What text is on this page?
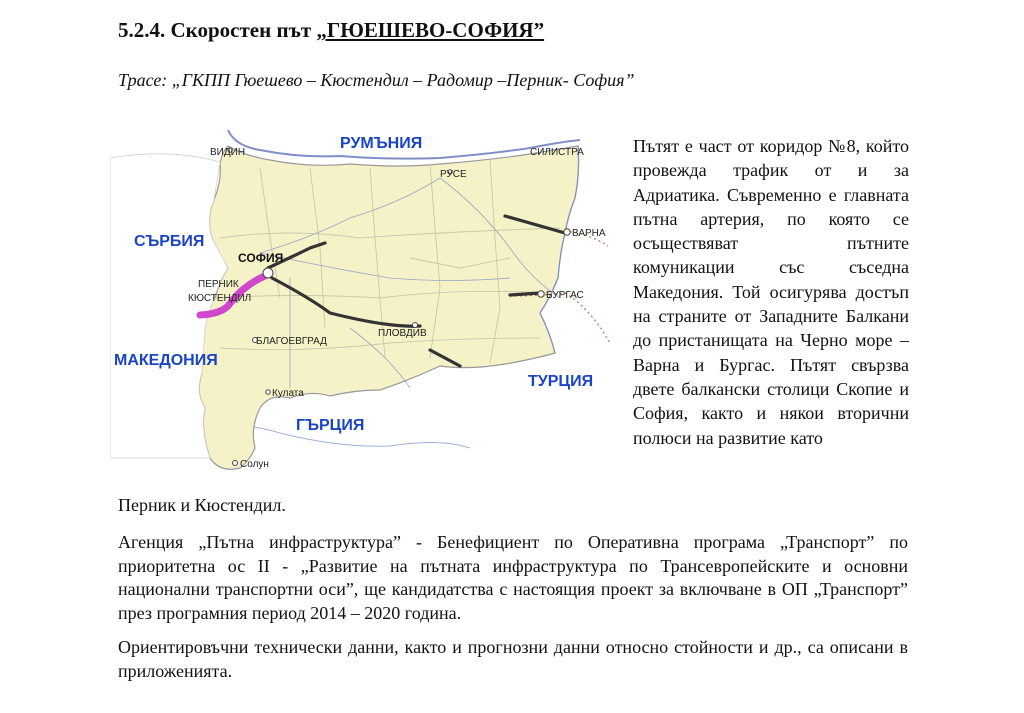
5.2.4. Скоростен път „ГЮЕШЕВО-СОФИЯ”
Трасе: „ГКПП Гюешево – Кюстендил – Радомир –Перник- София”
РУМЪНИЯ
СЪРБИЯ
МАКЕДОНИЯ
ТУРЦИЯ
ГЪРЦИЯ
ВИДИН	СИЛИСТРА
РУСЕ
ВАРНА
БУРГАС
СОФИЯ
ПЕРНИК
КЮСТЕНДИЛ
ПЛОВДИВ
БЛАГОЕВГРАД
Кулата
Солун
Пътят е част от коридор №8, който провежда трафик от и за Адриатика. Съвременно е главната пътна артерия, по която се осъществяват пътните комуникации със съседна Македония. Той осигурява достъп на страните от Западните Балкани до пристанищата на Черно море – Варна и Бургас. Пътят свързва двете балкански столици Скопие и София, както и някои вторични полюси на развитие като
Перник и Кюстендил.
Агенция „Пътна инфраструктура” - Бенефициент по Оперативна програма „Транспорт” по приоритетна ос II - „Развитие на пътната инфраструктура по Трансевропейските и основни национални транспортни оси”, ще кандидатства с настоящия проект за включване в ОП „Транспорт” през програмния период 2014 – 2020 година.
Ориентировъчни технически данни, както и прогнозни данни относно стойности и др., са описани в приложенията.
